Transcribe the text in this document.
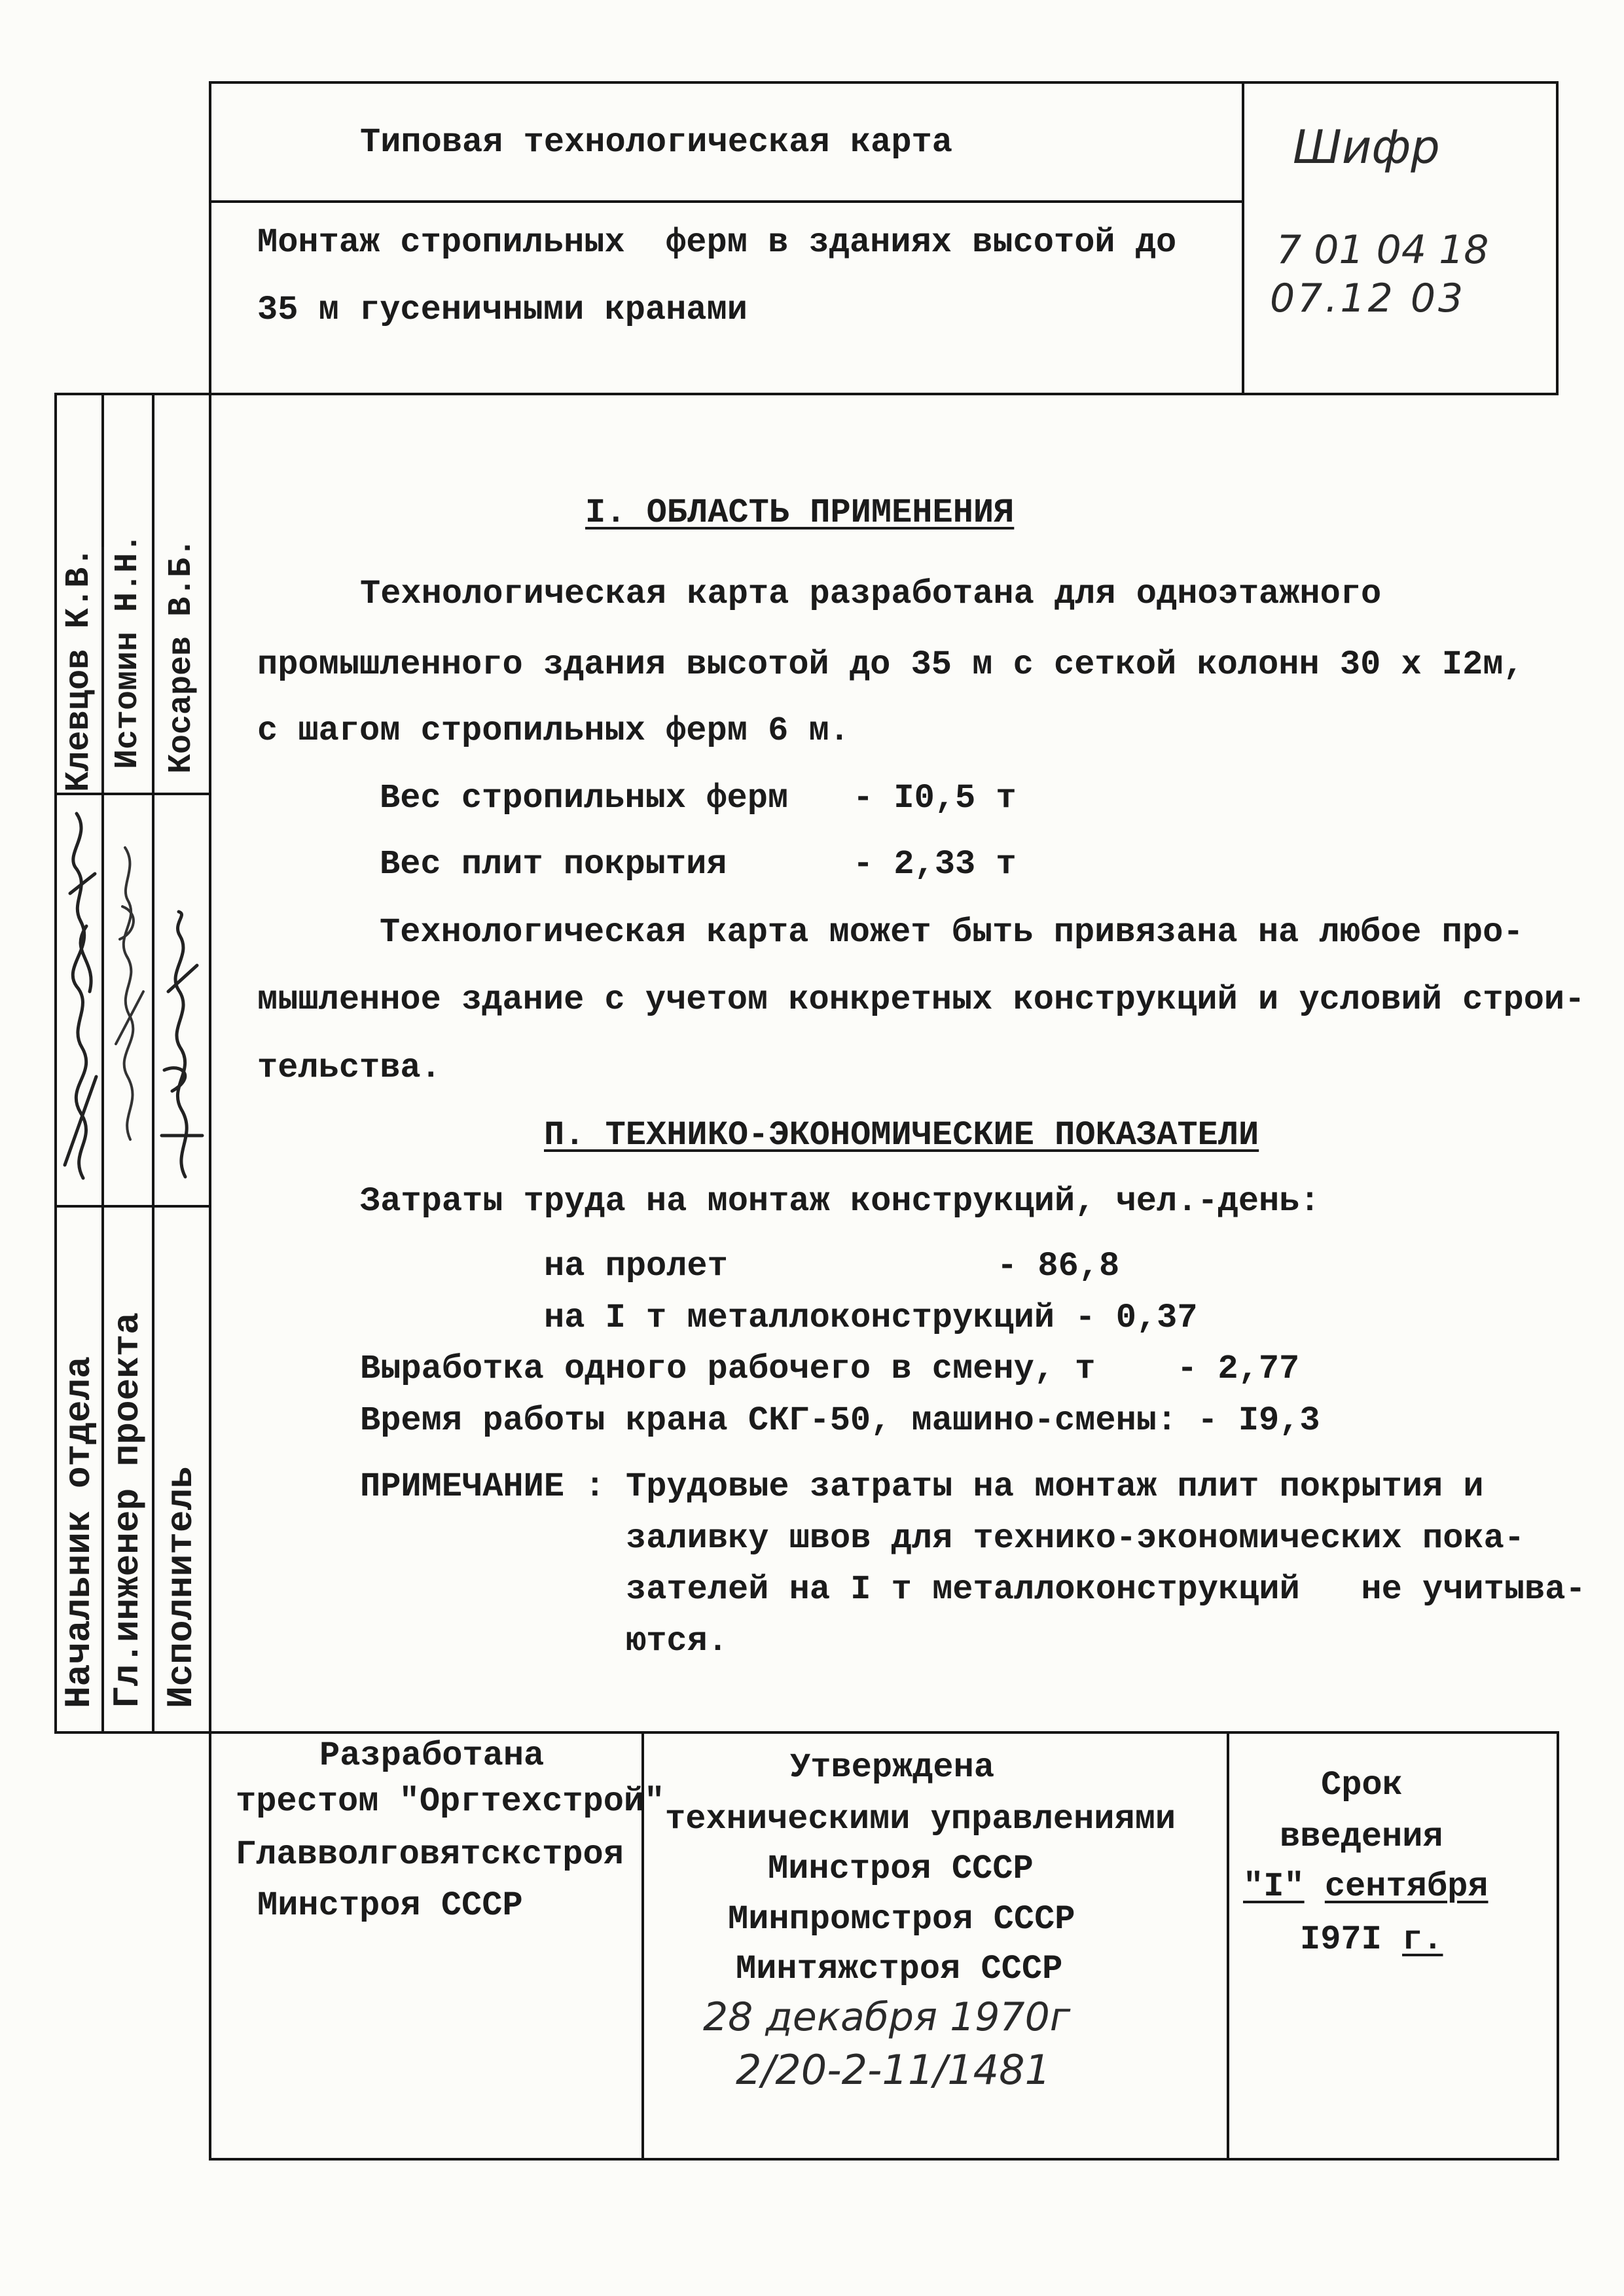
Типовая технологическая карта
Монтаж стропильных  ферм в зданиях высотой до
35 м гусеничными кранами
Шифр
7 01 04 18
07.12 03
Клевцов К.В. Истомин Н.Н. Косарев В.Б.
Начальник отдела Гл.инженер проекта Исполнитель
I. ОБЛАСТЬ ПРИМЕНЕНИЯ
Технологическая карта разработана для одноэтажного
промышленного здания высотой до 35 м с сеткой колонн 30 х I2м,
с шагом стропильных ферм 6 м.
Вес стропильных ферм - I0,5 т
Вес плит покрытия	- 2,33 т
Технологическая карта может быть привязана на любое про-
мышленное здание с учетом конкретных конструкций и условий строи-
тельства.
П. ТЕХНИКО-ЭКОНОМИЧЕСКИЕ ПОКАЗАТЕЛИ
Затраты труда на монтаж конструкций, чел.-день:
на пролет	- 86,8
на I т металлоконструкций - 0,37
Выработка одного рабочего в смену, т - 2,77
Время работы крана СКГ-50, машино-смены: - I9,3
ПРИМЕЧАНИЕ : Трудовые затраты на монтаж плит покрытия и
заливку швов для технико-экономических пока-
зателей на I т металлоконструкций   не учитыва-
ются.
Разработана
трестом "Оргтехстрой"
Главволговятскстроя
Минстроя СССР
Утверждена
техническими управлениями
Минстроя СССР
Минпромстроя СССР
Минтяжстроя СССР
28 декабря 1970г
2/20-2-11/1481
Срок
введения
"I" сентября
I97I г.
